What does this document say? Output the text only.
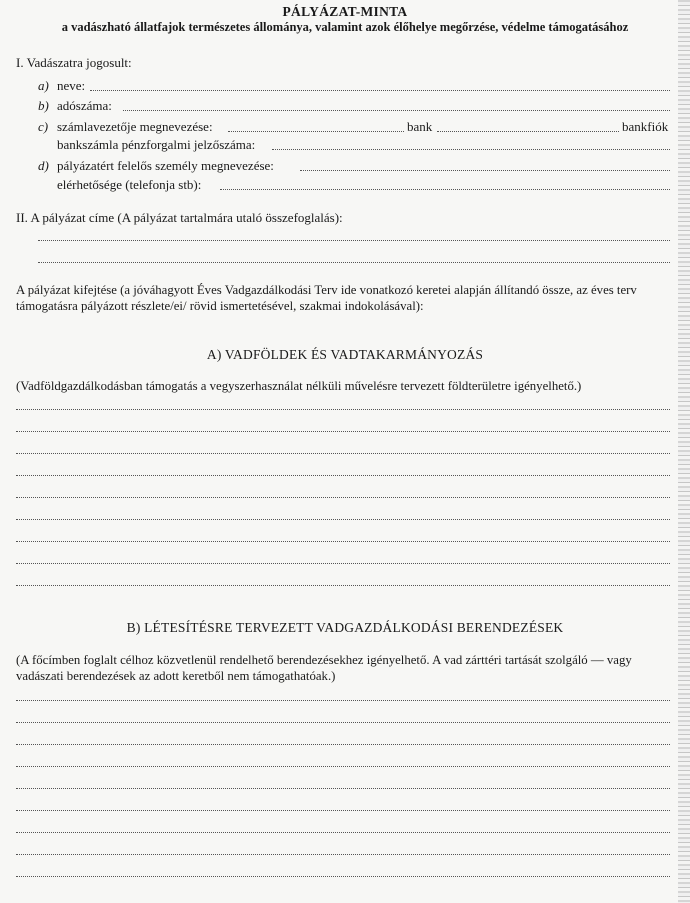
PÁLYÁZAT-MINTA
a vadászható állatfajok természetes állománya, valamint azok élőhelye megőrzése, védelme támogatásához
I. Vadászatra jogosult:
a) neve:
b) adószáma:
c) számlavezetője megnevezése:	bank	bankfiók
bankszámla pénzforgalmi jelzőszáma:
d) pályázatért felelős személy megnevezése:
elérhetősége (telefonja stb):
II. A pályázat címe (A pályázat tartalmára utaló összefoglalás):
A pályázat kifejtése (a jóváhagyott Éves Vadgazdálkodási Terv ide vonatkozó keretei alapján állítandó össze, az éves terv támogatásra pályázott részlete/ei/ rövid ismertetésével, szakmai indokolásával):
A) VADFÖLDEK ÉS VADTAKARMÁNYOZÁS
(Vadföldgazdálkodásban támogatás a vegyszerhasználat nélküli művelésre tervezett földterületre igényelhető.)
B) LÉTESÍTÉSRE TERVEZETT VADGAZDÁLKODÁSI BERENDEZÉSEK
(A főcímben foglalt célhoz közvetlenül rendelhető berendezésekhez igényelhető. A vad zárttéri tartását szolgáló — vagy vadászati berendezések az adott keretből nem támogathatóak.)
